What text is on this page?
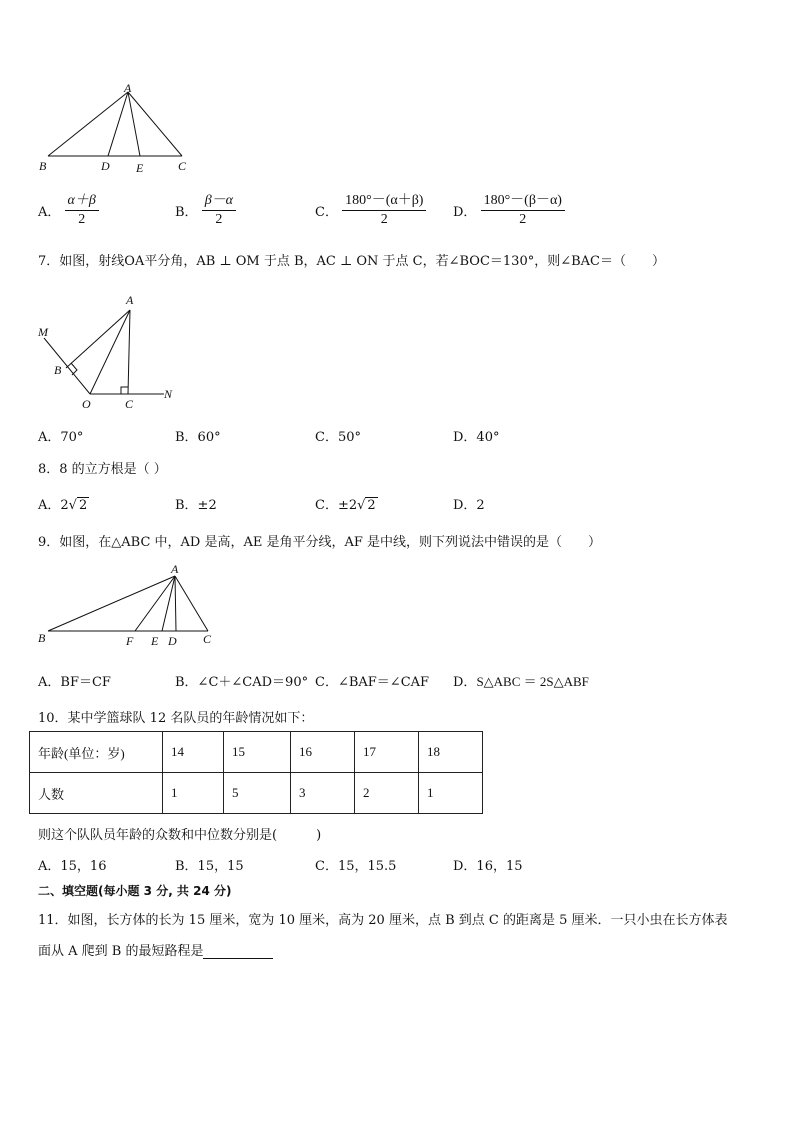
A
B	D E	C
A． $\frac{\alpha+\beta}{2}$	B． $\frac{\beta-\alpha}{2}$	C． $\frac{180^\circ-(\alpha+\beta)}{2}$ D． $\frac{180^\circ-(\beta-\alpha)}{2}$
7．如图，射线OA平分角，AB ⊥ OM 于点 B，AC ⊥ ON 于点 C，若∠BOC＝130°，则∠BAC＝（　　）
A
M
B
O	C
N
A．70°	B．60°	C．50°	D．40°
8．8 的立方根是（ ）
A．2√ 2	B．±2	C．±2√ 2	D．2
9．如图，在△ABC 中，AD 是高，AE 是角平分线，AF 是中线，则下列说法中错误的是（　　）
A
B	F E D C
A．BF＝CF	B．∠C＋∠CAD＝90° C．∠BAF＝∠CAF D．S△ABC ＝ 2S△ABF
10．某中学篮球队 12 名队员的年龄情况如下：
年龄(单位：岁)	14	15	16	17	18
人数	1	5	3	2	1
则这个队队员年龄的众数和中位数分别是(　　　)
A．15，16	B．15，15	C．15，15.5	D．16，15
二、填空题(每小题 3 分, 共 24 分)
11．如图，长方体的长为 15 厘米，宽为 10 厘米，高为 20 厘米，点 B 到点 C 的距离是 5 厘米．一只小虫在长方体表
面从 A 爬到 B 的最短路程是
